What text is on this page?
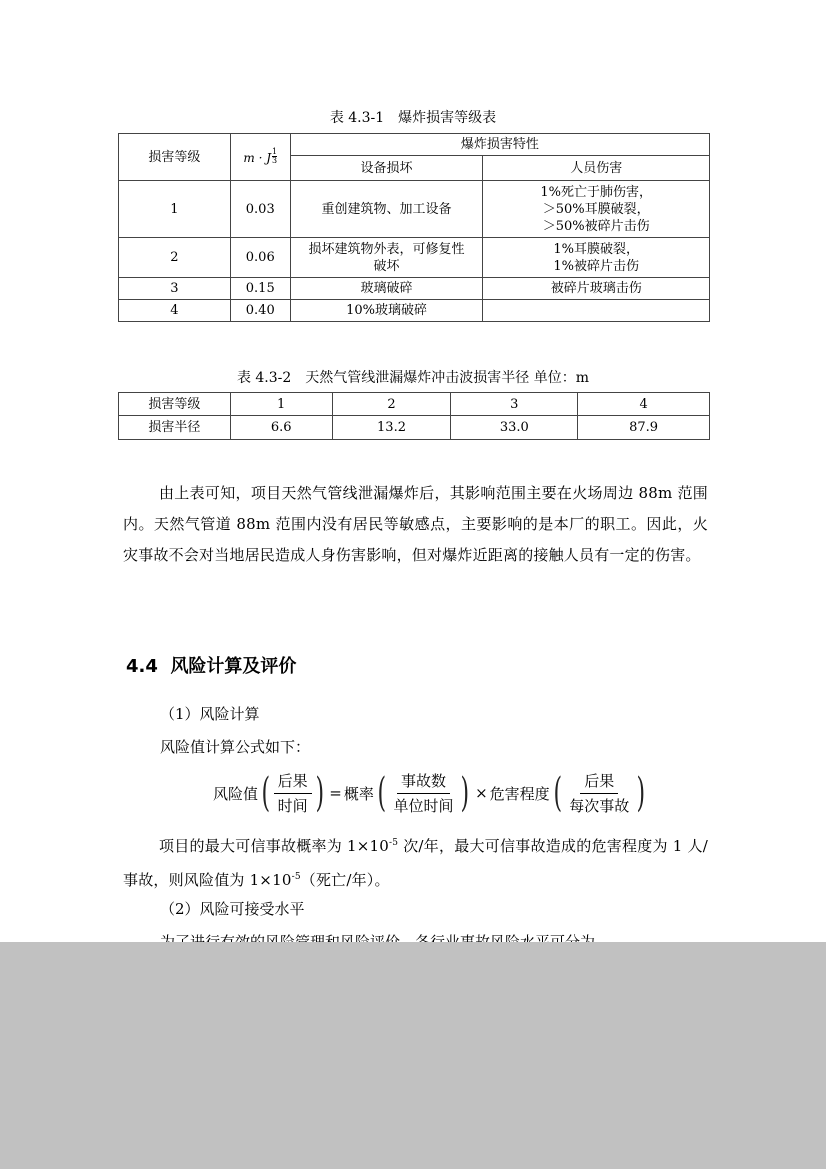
表 4.3-1　爆炸损害等级表
损害等级	m · J $\frac{1}{3}$	爆炸损害特性	
		设备损坏	人员伤害
1	0.03	重创建筑物、加工设备	1%死亡于肺伤害，
＞50%耳膜破裂，
＞50%被碎片击伤

2	0.06	损坏建筑物外表，可修复性破坏	1%耳膜破裂，
1%被碎片击伤

3	0.15	玻璃破碎	被碎片玻璃击伤
4	0.40	10%玻璃破碎	
表 4.3-2　天然气管线泄漏爆炸冲击波损害半径 单位：m
损害等级	1	2	3	4
损害半径	6.6	13.2	33.0	87.9
由上表可知，项目天然气管线泄漏爆炸后，其影响范围主要在火场周边 88m 范围内。天然气管道 88m 范围内没有居民等敏感点，主要影响的是本厂的职工。因此，火灾事故不会对当地居民造成人身伤害影响，但对爆炸近距离的接触人员有一定的伤害。
4.4 风险计算及评价
（1）风险计算
风险值计算公式如下：
风险值 ( $\frac{\text{后果}}{\text{时间}}$ ) = 概率 ( $\frac{\text{事故数}}{\text{单位时间}}$ ) × 危害程度 ( $\frac{\text{后果}}{\text{每次事故}}$ )
项目的最大可信事故概率为 $1\times 10^{-5}$ 次/年，最大可信事故造成的危害程度为 1 人/事故，则风险值为 $1\times 10^{-5}$（死亡/年）。
（2）风险可接受水平
